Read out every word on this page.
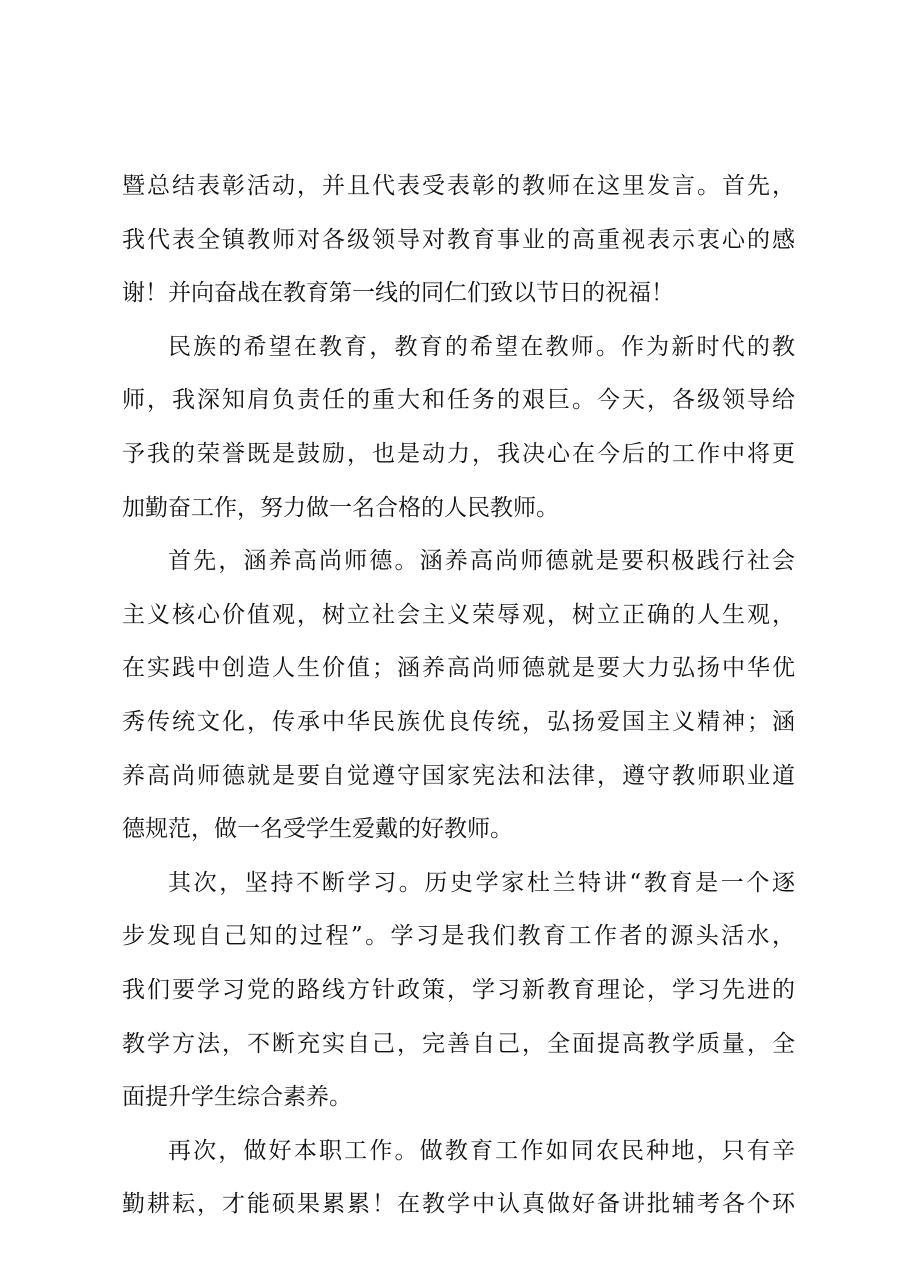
暨总结表彰活动，并且代表受表彰的教师在这里发言。首先，
我代表全镇教师对各级领导对教育事业的高重视表示衷心的感
谢！并向奋战在教育第一线的同仁们致以节日的祝福！
民族的希望在教育，教育的希望在教师。作为新时代的教
师，我深知肩负责任的重大和任务的艰巨。今天，各级领导给
予我的荣誉既是鼓励，也是动力，我决心在今后的工作中将更
加勤奋工作，努力做一名合格的人民教师。
首先，涵养高尚师德。涵养高尚师德就是要积极践行社会
主义核心价值观，树立社会主义荣辱观，树立正确的人生观，
在实践中创造人生价值；涵养高尚师德就是要大力弘扬中华优
秀传统文化，传承中华民族优良传统，弘扬爱国主义精神；涵
养高尚师德就是要自觉遵守国家宪法和法律，遵守教师职业道
德规范，做一名受学生爱戴的好教师。
其次，坚持不断学习。历史学家杜兰特讲“教育是一个逐
步发现自己知的过程”。学习是我们教育工作者的源头活水，
我们要学习党的路线方针政策，学习新教育理论，学习先进的
教学方法，不断充实自己，完善自己，全面提高教学质量，全
面提升学生综合素养。
再次，做好本职工作。做教育工作如同农民种地，只有辛
勤耕耘，才能硕果累累！在教学中认真做好备讲批辅考各个环
